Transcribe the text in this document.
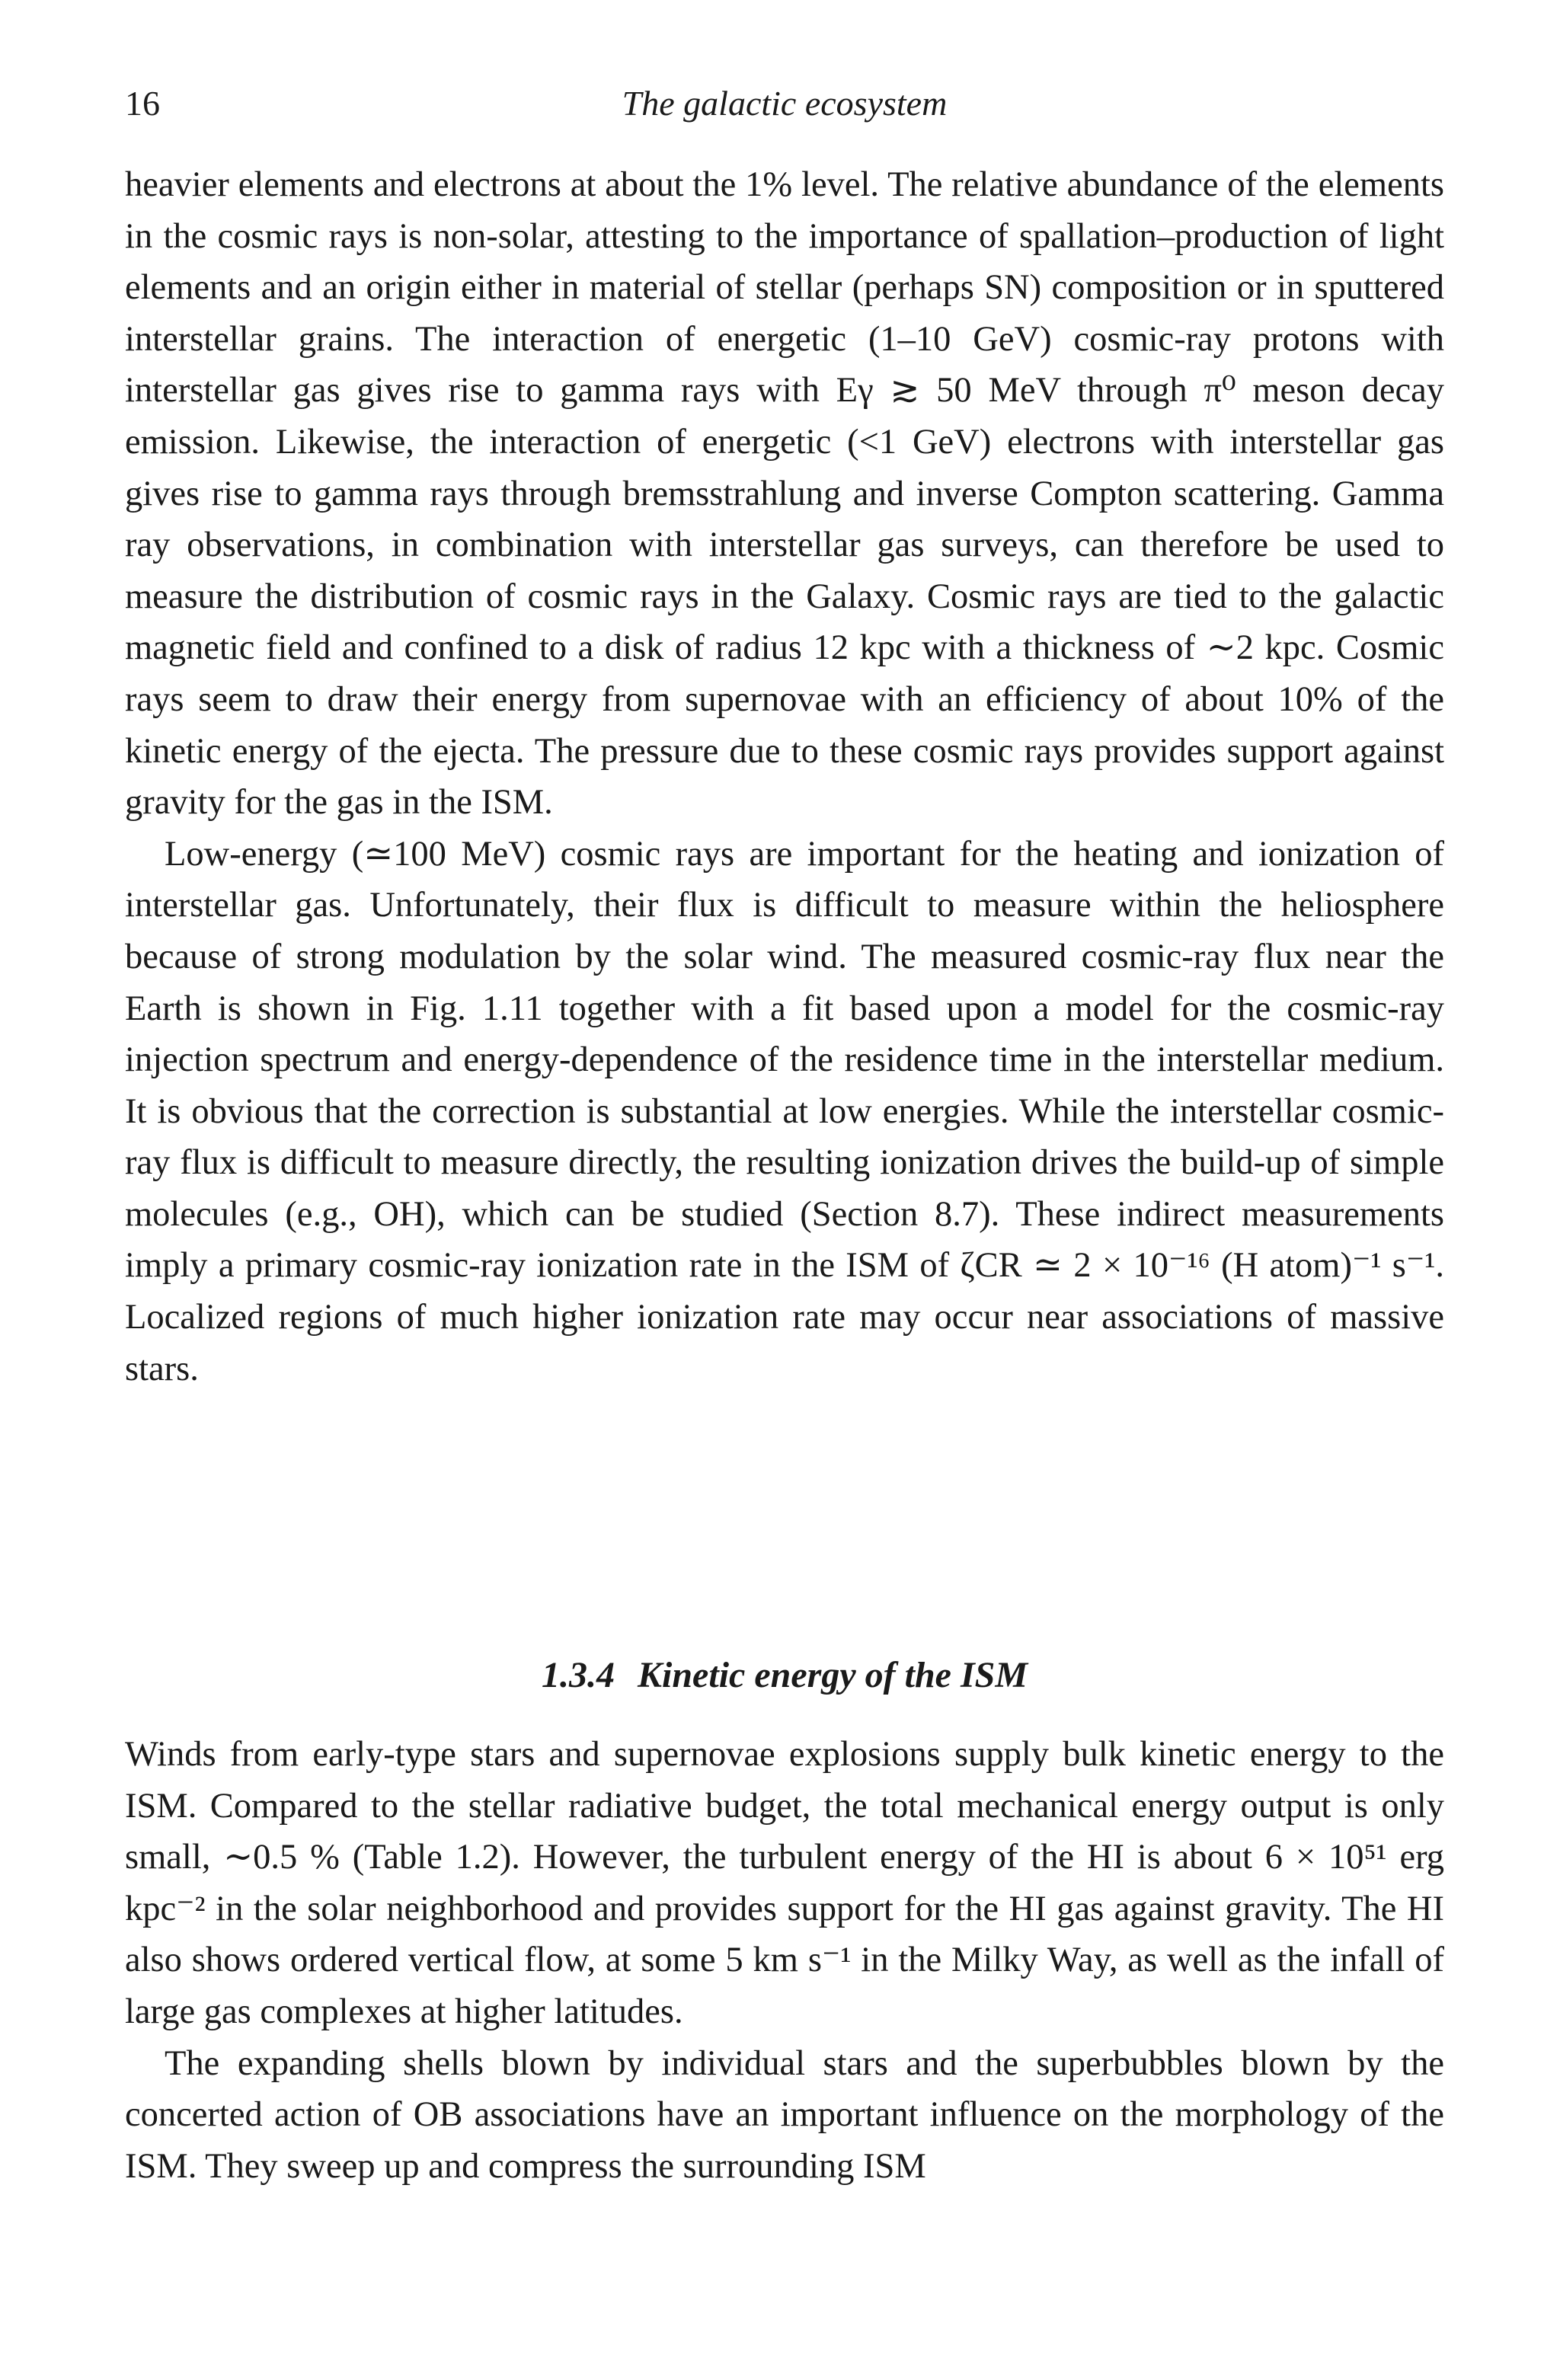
16	The galactic ecosystem

heavier elements and electrons at about the 1% level. The relative abundance of the elements in the cosmic rays is non-solar, attesting to the importance of spallation–production of light elements and an origin either in material of stellar (perhaps SN) composition or in sputtered interstellar grains. The interaction of energetic (1–10 GeV) cosmic-ray protons with interstellar gas gives rise to gamma rays with Eγ ≳ 50 MeV through π⁰ meson decay emission. Likewise, the interaction of energetic (<1 GeV) electrons with interstellar gas gives rise to gamma rays through bremsstrahlung and inverse Compton scattering. Gamma ray observations, in combination with interstellar gas surveys, can therefore be used to measure the distribution of cosmic rays in the Galaxy. Cosmic rays are tied to the galactic magnetic field and confined to a disk of radius 12 kpc with a thickness of ∼2 kpc. Cosmic rays seem to draw their energy from supernovae with an efficiency of about 10% of the kinetic energy of the ejecta. The pressure due to these cosmic rays provides support against gravity for the gas in the ISM.

Low-energy (≃100 MeV) cosmic rays are important for the heating and ionization of interstellar gas. Unfortunately, their flux is difficult to measure within the heliosphere because of strong modulation by the solar wind. The measured cosmic-ray flux near the Earth is shown in Fig. 1.11 together with a fit based upon a model for the cosmic-ray injection spectrum and energy-dependence of the residence time in the interstellar medium. It is obvious that the correction is substantial at low energies. While the interstellar cosmic-ray flux is difficult to measure directly, the resulting ionization drives the build-up of simple molecules (e.g., OH), which can be studied (Section 8.7). These indirect measurements imply a primary cosmic-ray ionization rate in the ISM of ζCR ≃ 2 × 10⁻¹⁶ (H atom)⁻¹ s⁻¹. Localized regions of much higher ionization rate may occur near associations of massive stars.

1.3.4 Kinetic energy of the ISM

Winds from early-type stars and supernovae explosions supply bulk kinetic energy to the ISM. Compared to the stellar radiative budget, the total mechanical energy output is only small, ∼0.5 % (Table 1.2). However, the turbulent energy of the HI is about 6 × 10⁵¹ erg kpc⁻² in the solar neighborhood and provides support for the HI gas against gravity. The HI also shows ordered vertical flow, at some 5 km s⁻¹ in the Milky Way, as well as the infall of large gas complexes at higher latitudes.

The expanding shells blown by individual stars and the superbubbles blown by the concerted action of OB associations have an important influence on the morphology of the ISM. They sweep up and compress the surrounding ISM
